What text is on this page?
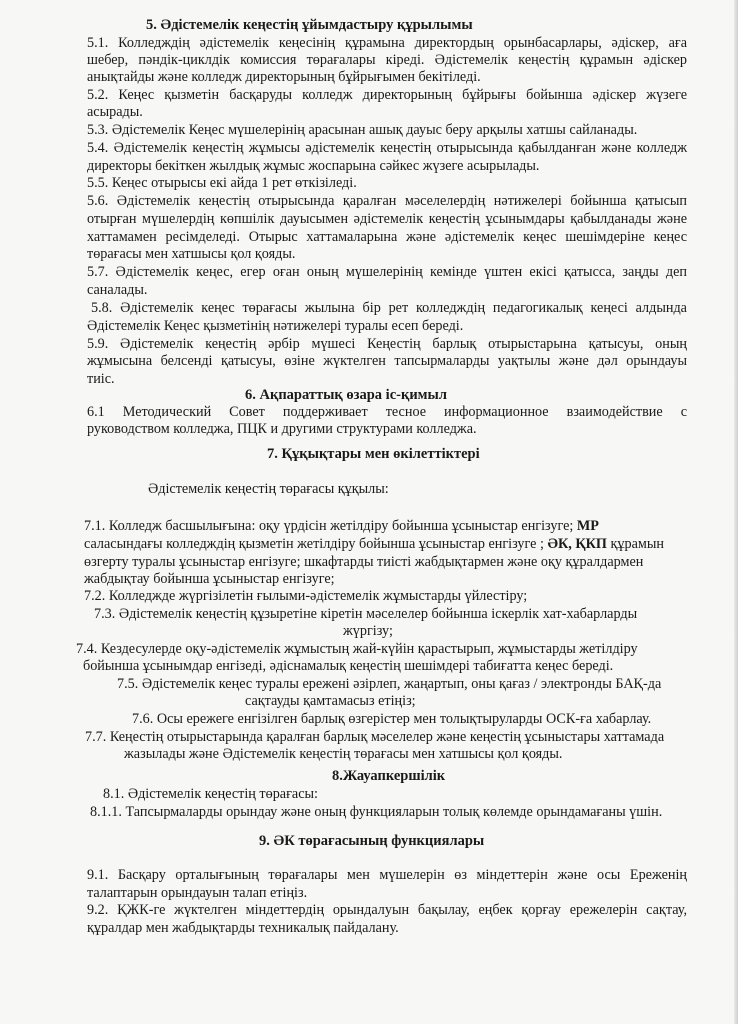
5. Әдістемелік кеңестің ұйымдастыру құрылымы
5.1. Колледждің әдістемелік кеңесінің құрамына директордың орынбасарлары, әдіскер, аға
шебер, пәндік-циклдік комиссия төрағалары кіреді. Әдістемелік кеңестің құрамын әдіскер
анықтайды және колледж директорының бұйрығымен бекітіледі.
5.2. Кеңес қызметін басқаруды колледж директорының бұйрығы бойынша әдіскер жүзеге
асырады.
5.3. Әдістемелік Кеңес мүшелерінің арасынан ашық дауыс беру арқылы хатшы сайланады.
5.4. Әдістемелік кеңестің жұмысы әдістемелік кеңестің отырысында қабылданған және колледж
директоры бекіткен жылдық жұмыс жоспарына сәйкес жүзеге асырылады.
5.5. Кеңес отырысы екі айда 1 рет өткізіледі.
5.6. Әдістемелік кеңестің отырысында қаралған мәселелердің нәтижелері бойынша қатысып
отырған мүшелердің көпшілік дауысымен әдістемелік кеңестің ұсынымдары қабылданады және
хаттамамен ресімделеді. Отырыс хаттамаларына және әдістемелік кеңес шешімдеріне кеңес
төрағасы мен хатшысы қол қояды.
5.7. Әдістемелік кеңес, егер оған оның мүшелерінің кемінде үштен екісі қатысса, заңды деп
саналады.
5.8. Әдістемелік кеңес төрағасы жылына бір рет колледждің педагогикалық кеңесі алдында
Әдістемелік Кеңес қызметінің нәтижелері туралы есеп береді.
5.9. Әдістемелік кеңестің әрбір мүшесі Кеңестің барлық отырыстарына қатысуы, оның
жұмысына белсенді қатысуы, өзіне жүктелген тапсырмаларды уақтылы және дәл орындауы
тиіс.
6. Ақпараттық өзара іс-қимыл
6.1 Методический Совет поддерживает тесное информационное взаимодействие с
руководством колледжа, ПЦК и другими структурами колледжа.
7. Құқықтары мен өкілеттіктері
Әдістемелік кеңестің төрағасы құқылы:
7.1. Колледж басшылығына: оқу үрдісін жетілдіру бойынша ұсыныстар енгізуге; МР
саласындағы колледждің қызметін жетілдіру бойынша ұсыныстар енгізуге ; ӘК, ҚКП құрамын
өзгерту туралы ұсыныстар енгізуге; шкафтарды тиісті жабдықтармен және оқу құралдармен
жабдықтау бойынша ұсыныстар енгізуге;
7.2. Колледжде жүргізілетін ғылыми-әдістемелік жұмыстарды үйлестіру;
7.3. Әдістемелік кеңестің құзыретіне кіретін мәселелер бойынша іскерлік хат-хабарларды
жүргізу;
7.4. Кездесулерде оқу-әдістемелік жұмыстың жай-күйін қарастырып, жұмыстарды жетілдіру
бойынша ұсынымдар енгізеді, әдіснамалық кеңестің шешімдері табиғатта кеңес береді.
7.5. Әдістемелік кеңес туралы ережені әзірлеп, жаңартып, оны қағаз / электронды БАҚ-да
сақтауды қамтамасыз етіңіз;
7.6. Осы ережеге енгізілген барлық өзгерістер мен толықтыруларды ОСК-ға хабарлау.
7.7. Кеңестің отырыстарында қаралған барлық мәселелер және кеңестің ұсыныстары хаттамада
жазылады және Әдістемелік кеңестің төрағасы мен хатшысы қол қояды.
8.Жауапкершілік
8.1. Әдістемелік кеңестің төрағасы:
8.1.1. Тапсырмаларды орындау және оның функцияларын толық көлемде орындамағаны үшін.
9. ӘК төрағасының функциялары
9.1. Басқару орталығының төрағалары мен мүшелерін өз міндеттерін және осы Ереженің
талаптарын орындауын талап етіңіз.
9.2. ҚЖК-ге жүктелген міндеттердің орындалуын бақылау, еңбек қорғау ережелерін сақтау,
құралдар мен жабдықтарды техникалық пайдалану.
